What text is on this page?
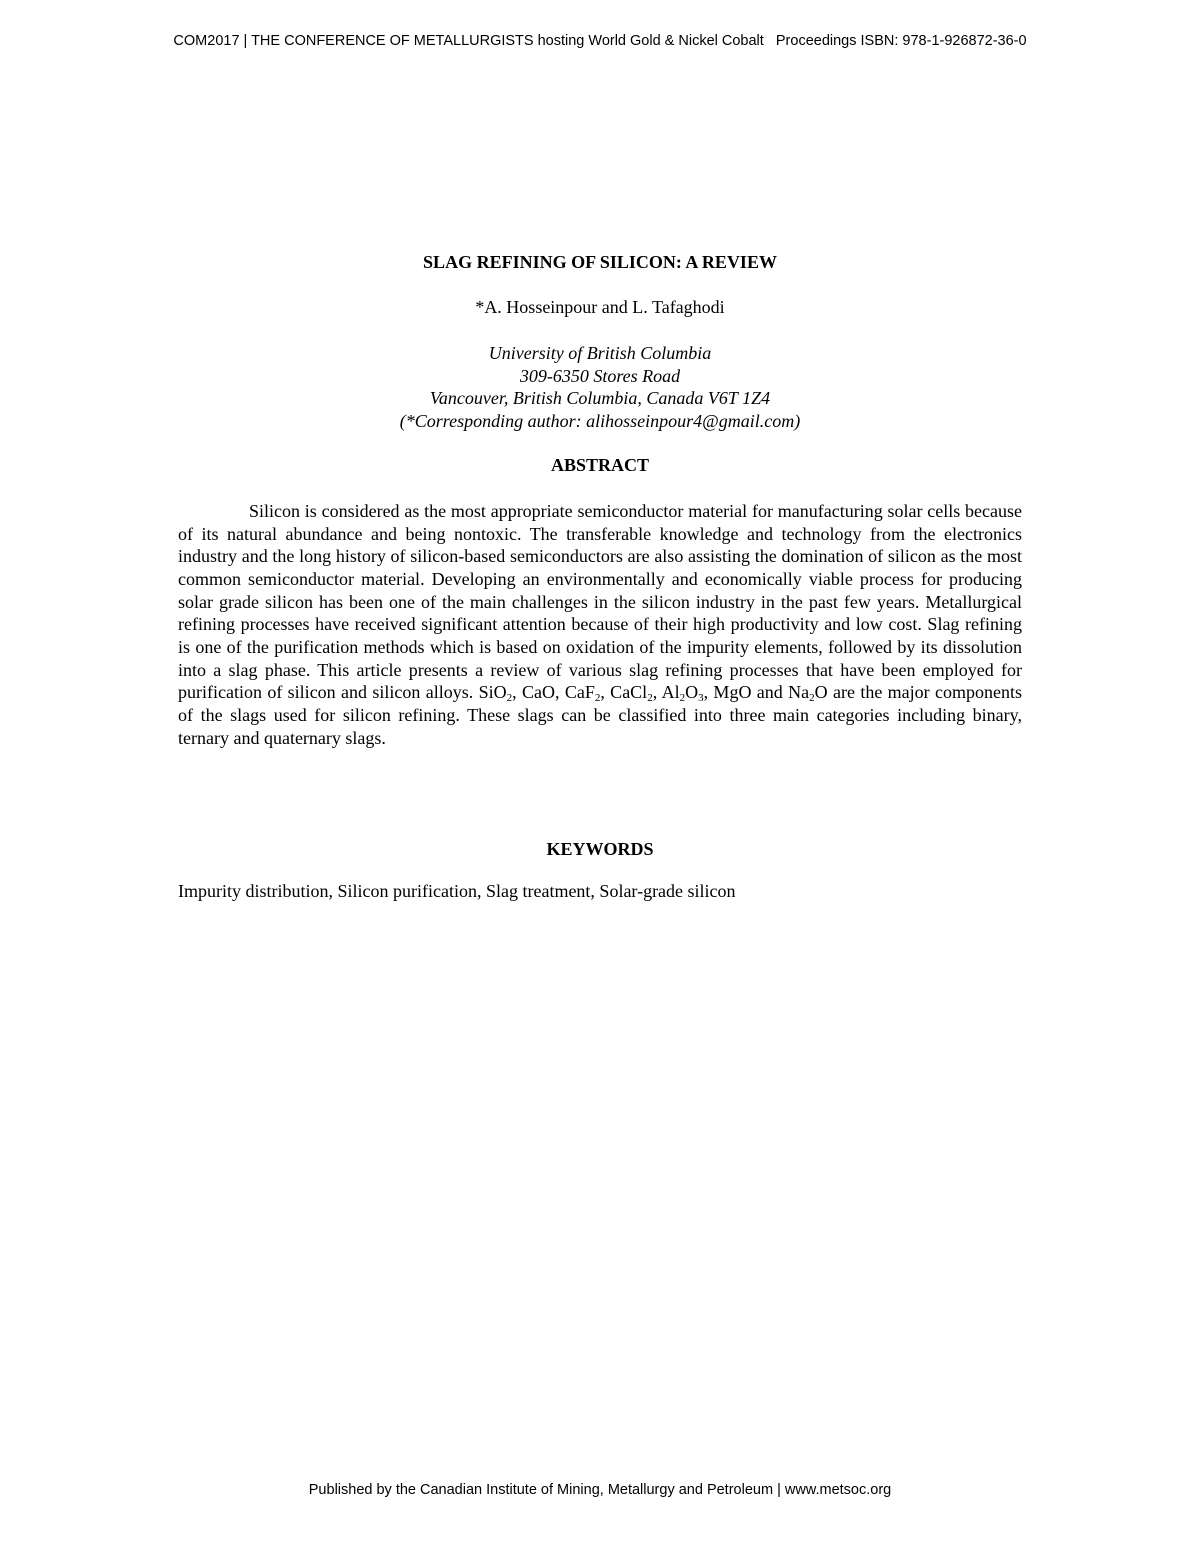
COM2017 | THE CONFERENCE OF METALLURGISTS hosting World Gold & Nickel Cobalt   Proceedings ISBN: 978-1-926872-36-0
SLAG REFINING OF SILICON: A REVIEW
*A. Hosseinpour and L. Tafaghodi
University of British Columbia
309-6350 Stores Road
Vancouver, British Columbia, Canada V6T 1Z4
(*Corresponding author: alihosseinpour4@gmail.com)
ABSTRACT

Silicon is considered as the most appropriate semiconductor material for manufacturing solar cells because of its natural abundance and being nontoxic. The transferable knowledge and technology from the electronics industry and the long history of silicon-based semiconductors are also assisting the domination of silicon as the most common semiconductor material. Developing an environmentally and economically viable process for producing solar grade silicon has been one of the main challenges in the silicon industry in the past few years. Metallurgical refining processes have received significant attention because of their high productivity and low cost. Slag refining is one of the purification methods which is based on oxidation of the impurity elements, followed by its dissolution into a slag phase. This article presents a review of various slag refining processes that have been employed for purification of silicon and silicon alloys. SiO$_2$, CaO, CaF$_2$, CaCl$_2$, $Al_2O_3$, MgO and $Na_2O$ are the major components of the slags used for silicon refining. These slags can be classified into three main categories including binary, ternary and quaternary slags.

KEYWORDS

Impurity distribution, Silicon purification, Slag treatment, Solar-grade silicon

Published by the Canadian Institute of Mining, Metallurgy and Petroleum | www.metsoc.org
